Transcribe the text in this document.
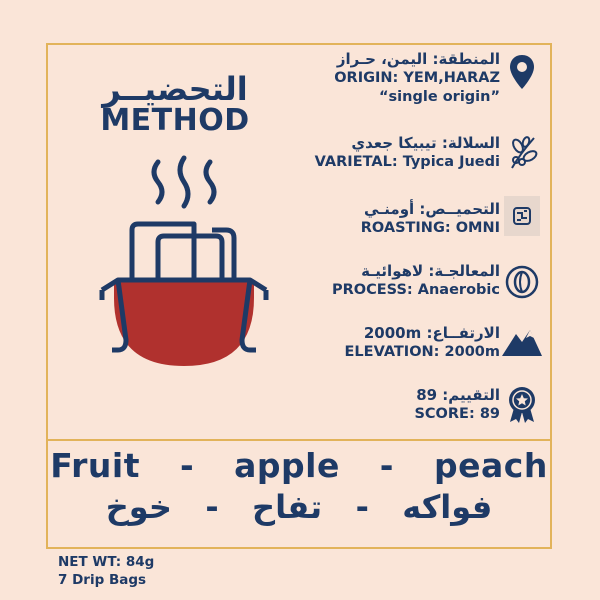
التحضيــر
METHOD
المنطقة: اليمن، حـراز
ORIGIN: YEM,HARAZ
“single origin”
السلالة: تيبيكا جعدي
VARIETAL: Typica Juedi
التحميــص: أومنـي
ROASTING: OMNI
المعالجـة: لاهوائيـة
PROCESS: Anaerobic
الارتفــاع: 2000m
ELEVATION: 2000m
التقييم: 89
SCORE: 89
Fruit  -  apple  -  peach
فواكه   -   تفاح   -   خوخ
NET WT: 84g
7 Drip Bags
